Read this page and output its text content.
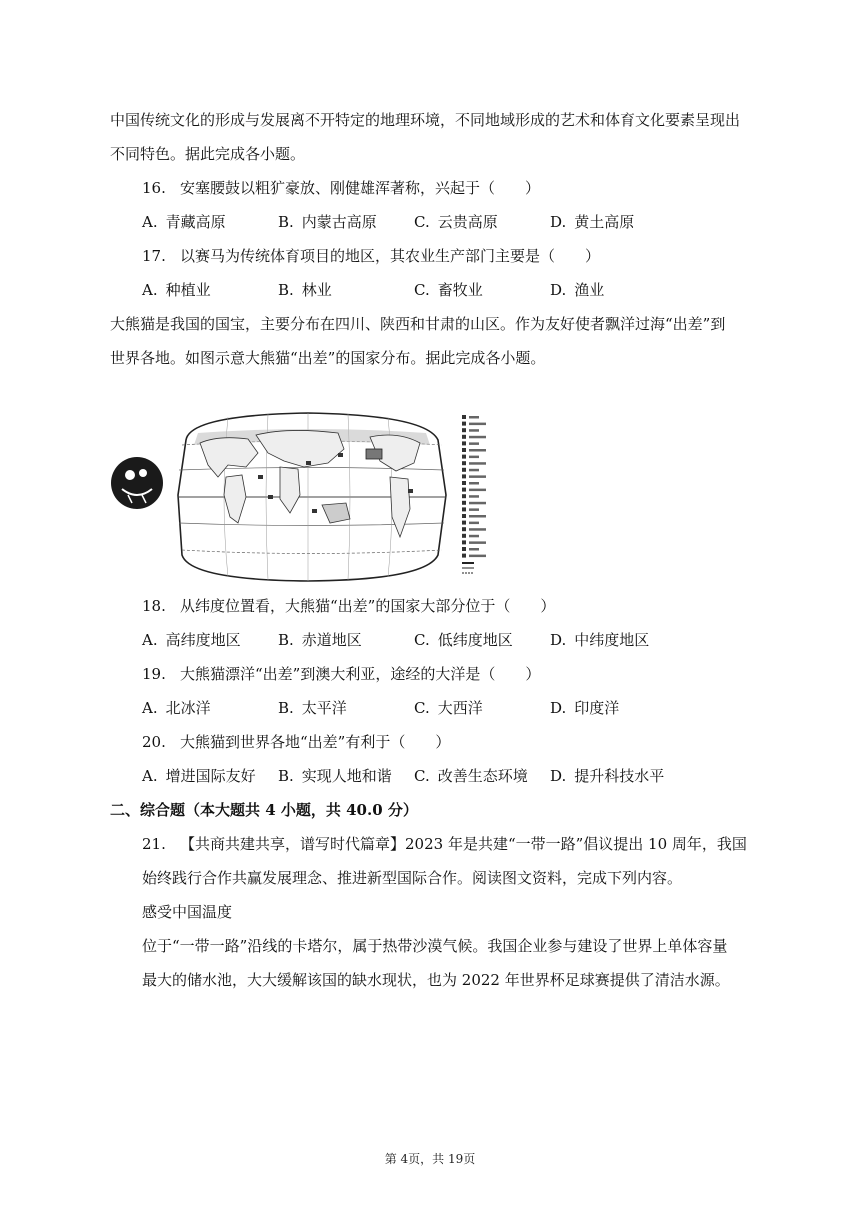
中国传统文化的形成与发展离不开特定的地理环境，不同地域形成的艺术和体育文化要素呈现出
不同特色。据此完成各小题。
16. 安塞腰鼓以粗犷豪放、刚健雄浑著称，兴起于（　　）
A. 青藏高原	B. 内蒙古高原 C. 云贵高原	D. 黄土高原
17. 以赛马为传统体育项目的地区，其农业生产部门主要是（　　）
A. 种植业	B. 林业	C. 畜牧业	D. 渔业
大熊猫是我国的国宝，主要分布在四川、陕西和甘肃的山区。作为友好使者飘洋过海“出差”到
世界各地。如图示意大熊猫“出差”的国家分布。据此完成各小题。
18. 从纬度位置看，大熊猫“出差”的国家大部分位于（　　）
A. 高纬度地区 B. 赤道地区	C. 低纬度地区 D. 中纬度地区
19. 大熊猫漂洋“出差”到澳大利亚，途经的大洋是（　　）
A. 北冰洋	B. 太平洋	C. 大西洋	D. 印度洋
20. 大熊猫到世界各地“出差”有利于（　　）
A. 增进国际友好 B. 实现人地和谐 C. 改善生态环境 D. 提升科技水平
二、综合题（本大题共 4 小题，共 40.0 分）
21. 【共商共建共享，谱写时代篇章】2023 年是共建“一带一路”倡议提出 10 周年，我国
始终践行合作共赢发展理念、推进新型国际合作。阅读图文资料，完成下列内容。
感受中国温度
位于“一带一路”沿线的卡塔尔，属于热带沙漠气候。我国企业参与建设了世界上单体容量
最大的储水池，大大缓解该国的缺水现状，也为 2022 年世界杯足球赛提供了清洁水源。
第 4页，共 19页
